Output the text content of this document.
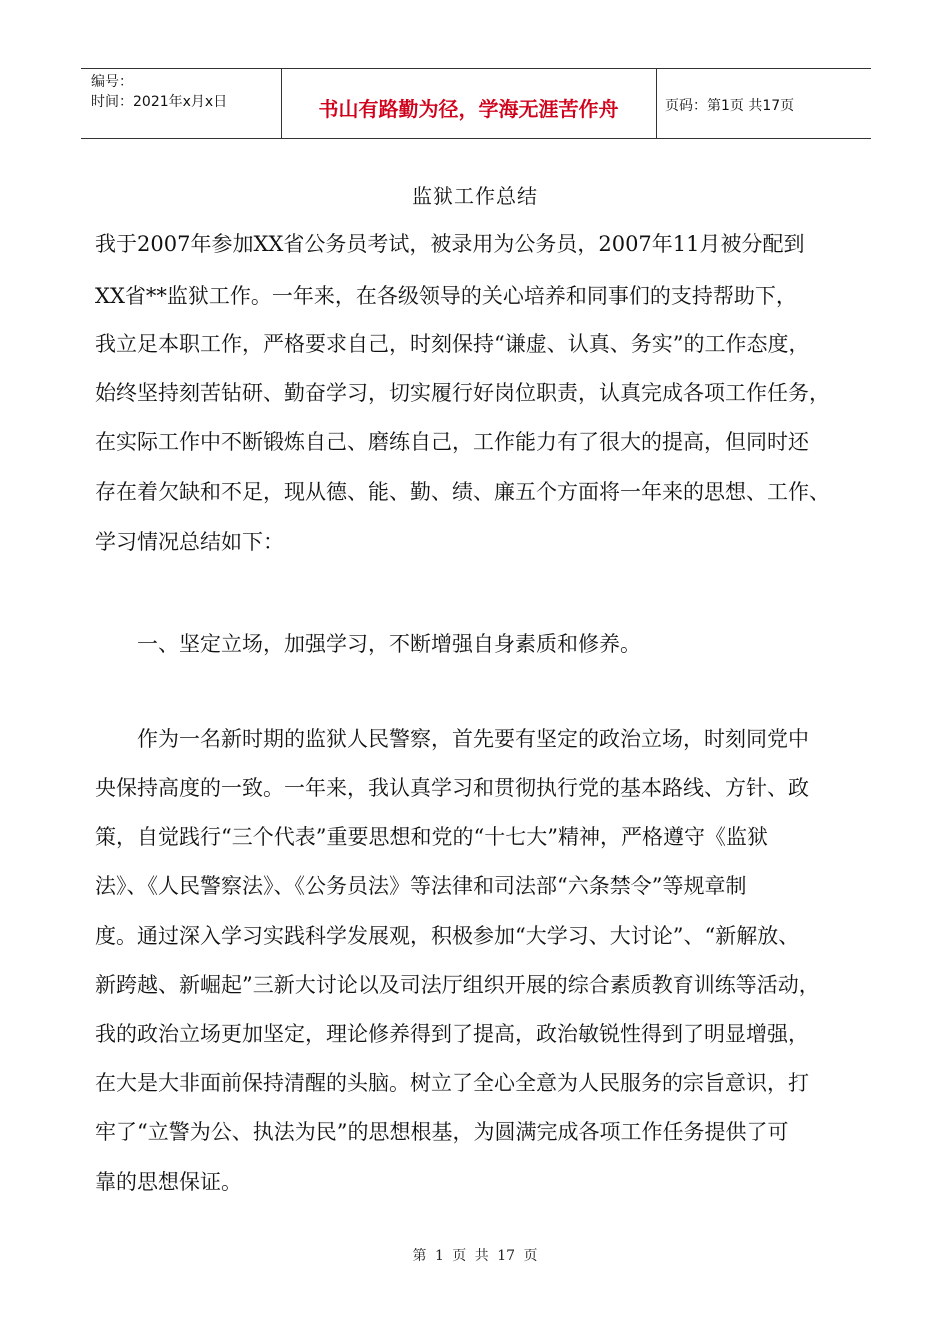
编号：
时间：2021年x月x日	书山有路勤为径，学海无涯苦作舟	页码：第1页 共17页
监狱工作总结
我于2007年参加XX省公务员考试，被录用为公务员，2007年11月被分配到
XX省**监狱工作。一年来，在各级领导的关心培养和同事们的支持帮助下，
我立足本职工作，严格要求自己，时刻保持“谦虚、认真、务实”的工作态度，
始终坚持刻苦钻研、勤奋学习，切实履行好岗位职责，认真完成各项工作任务，
在实际工作中不断锻炼自己、磨练自己，工作能力有了很大的提高，但同时还
存在着欠缺和不足，现从德、能、勤、绩、廉五个方面将一年来的思想、工作、
学习情况总结如下：
一、坚定立场，加强学习，不断增强自身素质和修养。
　　作为一名新时期的监狱人民警察，首先要有坚定的政治立场，时刻同党中
央保持高度的一致。一年来，我认真学习和贯彻执行党的基本路线、方针、政
策，自觉践行“三个代表”重要思想和党的“十七大”精神，严格遵守《监狱
法》、《人民警察法》、《公务员法》等法律和司法部“六条禁令”等规章制
度。通过深入学习实践科学发展观，积极参加“大学习、大讨论”、“新解放、
新跨越、新崛起”三新大讨论以及司法厅组织开展的综合素质教育训练等活动，
我的政治立场更加坚定，理论修养得到了提高，政治敏锐性得到了明显增强，
在大是大非面前保持清醒的头脑。树立了全心全意为人民服务的宗旨意识，打
牢了“立警为公、执法为民”的思想根基，为圆满完成各项工作任务提供了可
靠的思想保证。
第 1 页 共 17 页
